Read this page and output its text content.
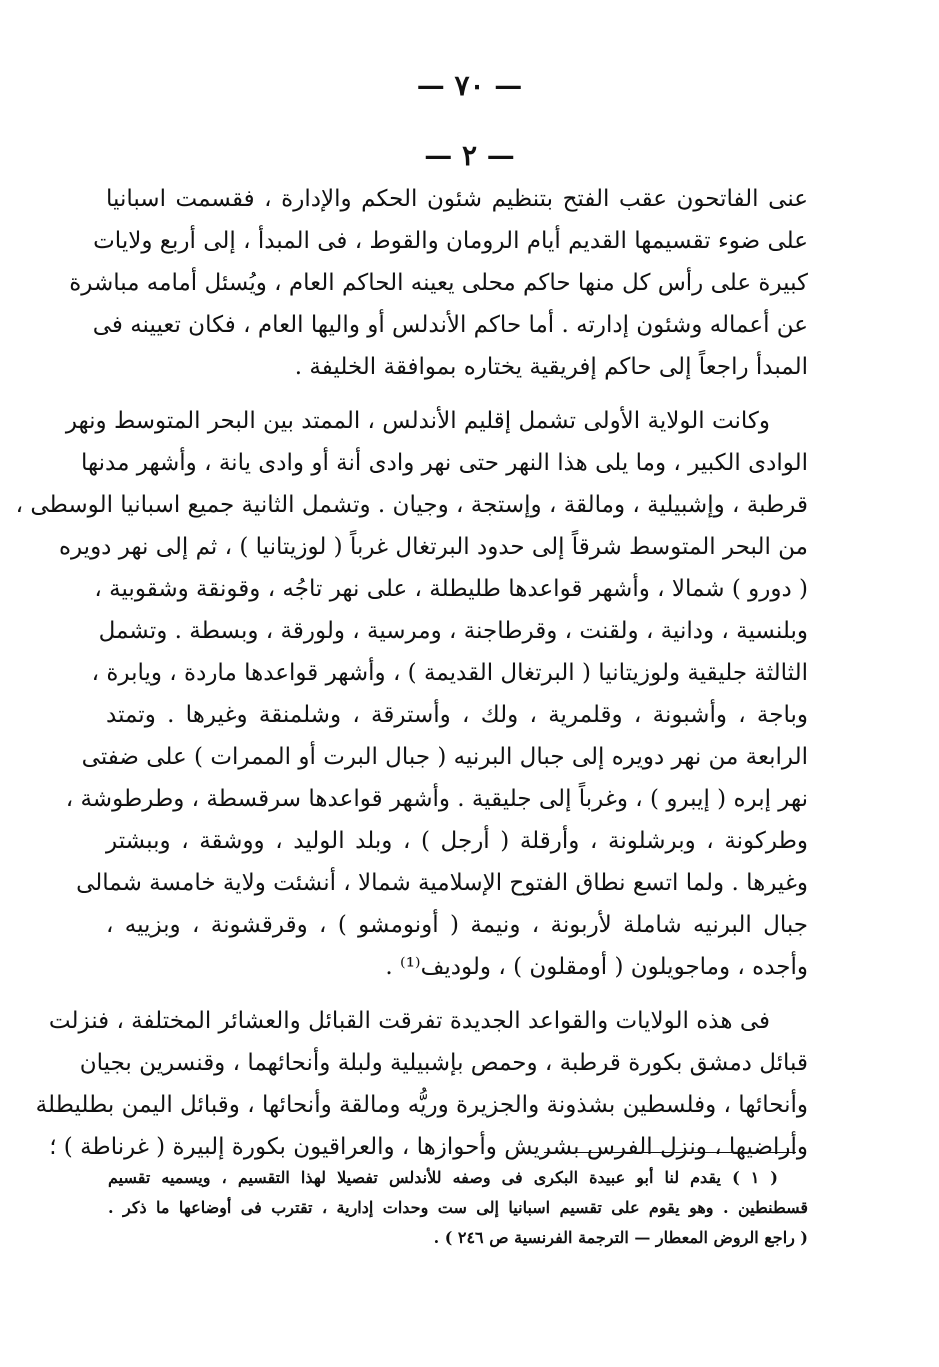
— ٧٠ —
— ٢ —
عنى الفاتحون عقب الفتح بتنظيم شئون الحكم والإدارة ، فقسمت اسبانيا
على ضوء تقسيمها القديم أيام الرومان والقوط ، فى المبدأ ، إلى أربع ولايات
كبيرة على رأس كل منها حاكم محلى يعينه الحاكم العام ، ويُسئل أمامه مباشرة
عن أعماله وشئون إدارته . أما حاكم الأندلس أو واليها العام ، فكان تعيينه فى
المبدأ راجعاً إلى حاكم إفريقية يختاره بموافقة الخليفة .
وكانت الولاية الأولى تشمل إقليم الأندلس ، الممتد بين البحر المتوسط ونهر
الوادى الكبير ، وما يلى هذا النهر حتى نهر وادى أنة أو وادى يانة ، وأشهر مدنها
قرطبة ، وإشبيلية ، ومالقة ، وإستجة ، وجيان . وتشمل الثانية جميع اسبانيا الوسطى ،
من البحر المتوسط شرقاً إلى حدود البرتغال غرباً ( لوزيتانيا ) ، ثم إلى نهر دويره
( دورو ) شمالا ، وأشهر قواعدها طليطلة ، على نهر تاجُه ، وقونقة وشقوبية ،
وبلنسية ، ودانية ، ولقنت ، وقرطاجنة ، ومرسية ، ولورقة ، وبسطة . وتشمل
الثالثة جليقية ولوزيتانيا ( البرتغال القديمة ) ، وأشهر قواعدها ماردة ، ويابرة ،
وباجة ، وأشبونة ، وقلمرية ، ولك ، وأسترقة ، وشلمنقة وغيرها . وتمتد
الرابعة من نهر دويره إلى جبال البرنيه ( جبال البرت أو الممرات ) على ضفتى
نهر إبره ( إيبرو ) ، وغرباً إلى جليقية . وأشهر قواعدها سرقسطة ، وطرطوشة ،
وطركونة ، وبرشلونة ، وأرقلة ( أرجل ) ، وبلد الوليد ، ووشقة ، وببشتر
وغيرها . ولما اتسع نطاق الفتوح الإسلامية شمالا ، أنشئت ولاية خامسة شمالى
جبال البرنيه شاملة لأربونة ، ونيمة ( أونومشو ) ، وقرقشونة ، وبزييه ،
وأجده ، وماجويلون ( أومقلون ) ، ولوديف⁽¹⁾ .
فى هذه الولايات والقواعد الجديدة تفرقت القبائل والعشائر المختلفة ، فنزلت
قبائل دمشق بكورة قرطبة ، وحمص بإشبيلية ولبلة وأنحائهما ، وقنسرين بجيان
وأنحائها ، وفلسطين بشذونة والجزيرة وريُّه ومالقة وأنحائها ، وقبائل اليمن بطليطلة
وأراضيها ، ونزل الفرس بشريش وأحوازها ، والعراقيون بكورة إلبيرة ( غرناطة ) ؛
( ١ ) يقدم لنا أبو عبيدة البكرى فى وصفه للأندلس تفصيلا لهذا التقسيم ، ويسميه تقسيم
قسطنطين . وهو يقوم على تقسيم اسبانيا إلى ست وحدات إدارية ، تقترب فى أوضاعها ما ذكر .
( راجع الروض المعطار — الترجمة الفرنسية ص ٢٤٦ ) .
